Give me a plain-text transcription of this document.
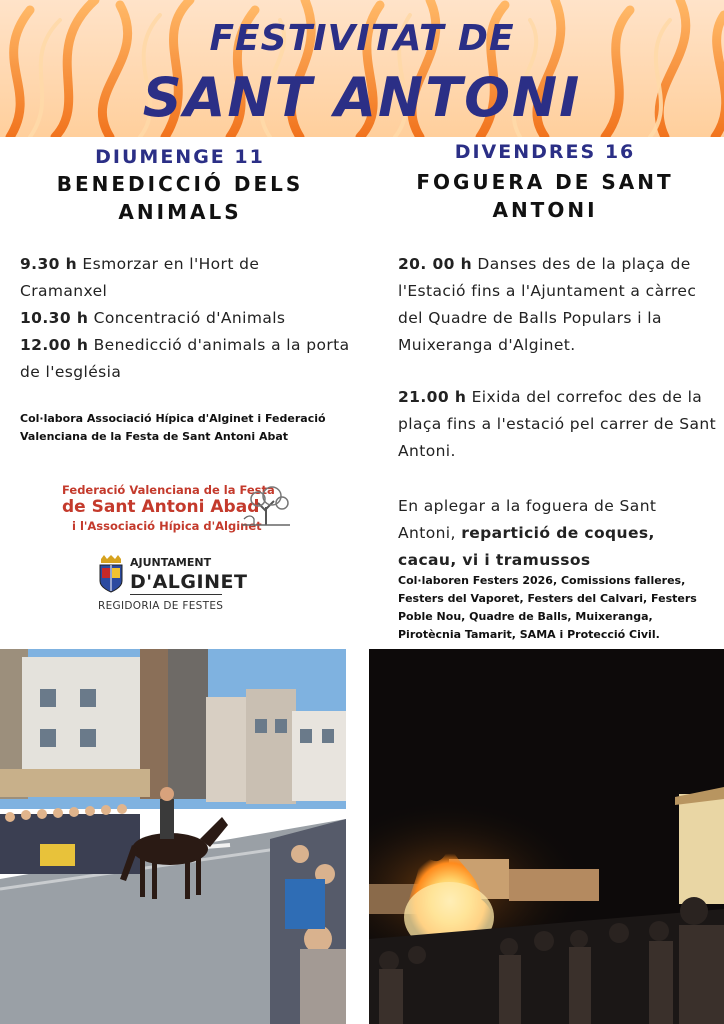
FESTIVITAT DE
SANT ANTONI
DIUMENGE 11
BENEDICCIÓ DELS
ANIMALS
9.30 h Esmorzar en l'Hort de Cramanxel
10.30 h Concentració d'Animals
12.00 h Benedicció d'animals a la porta de l'església
Col·labora Associació Hípica d'Alginet i Federació Valenciana de la Festa de Sant Antoni Abat
Federació Valenciana de la Festa
de Sant Antoni Abad
i l'Associació Hípica d'Alginet
AJUNTAMENT
D'ALGINET
REGIDORIA DE FESTES
DIVENDRES 16
FOGUERA DE SANT
ANTONI
20. 00 h Danses des de la plaça de l'Estació fins a l'Ajuntament a càrrec del Quadre de Balls Populars i la Muixeranga d'Alginet.
21.00 h Eixida del correfoc des de la plaça fins a l'estació pel carrer de Sant Antoni.
En aplegar a la foguera de Sant Antoni, repartició de coques, cacau, vi i tramussos
Col·laboren Festers 2026, Comissions falleres, Festers del Vaporet, Festers del Calvari, Festers Poble Nou, Quadre de Balls, Muixeranga, Pirotècnia Tamarit, SAMA i Protecció Civil.
